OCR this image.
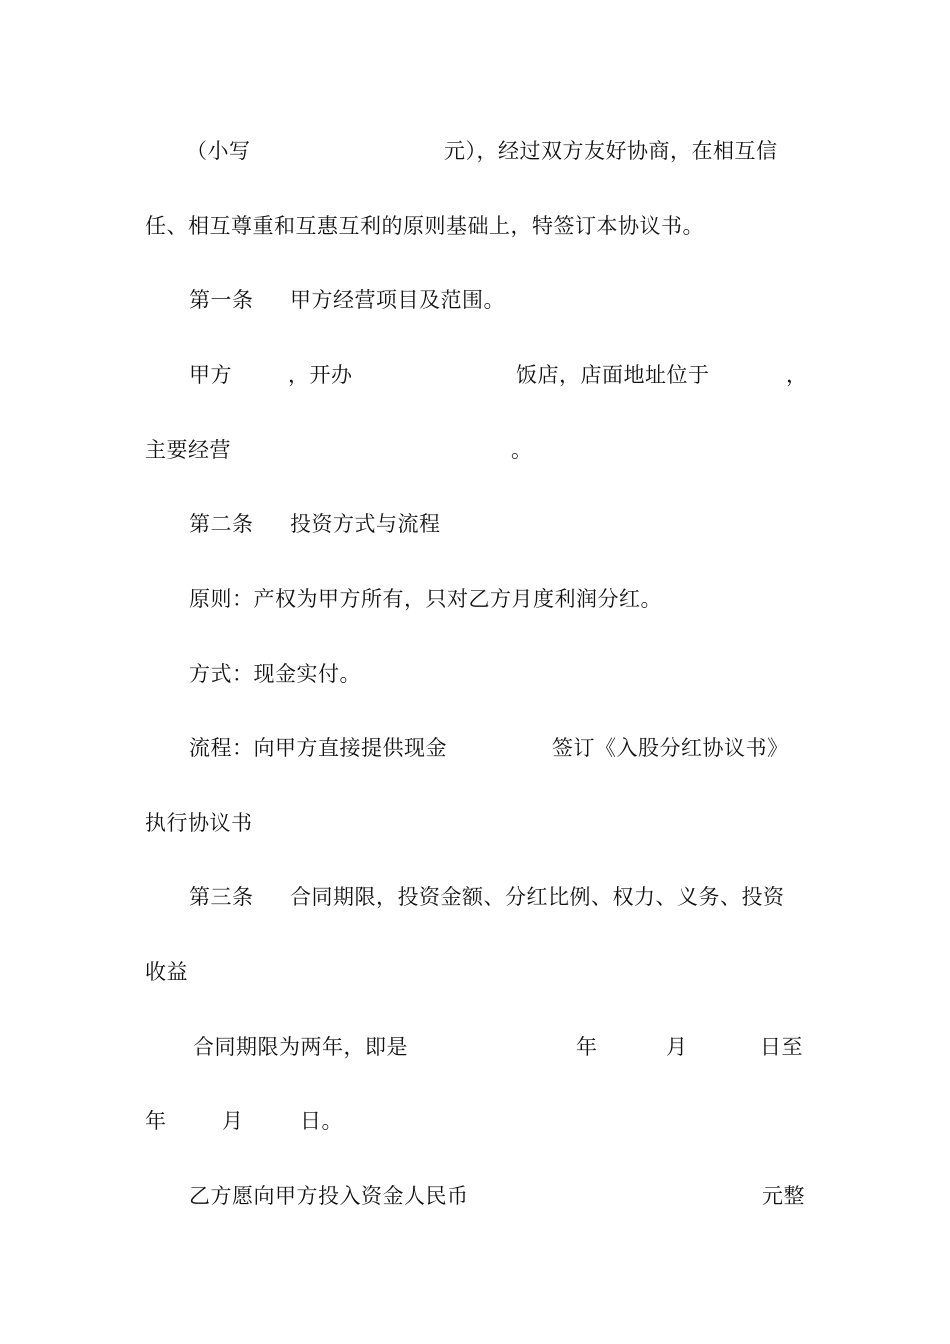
（小写	元），经过双方友好协商，在相互信
任、相互尊重和互惠互利的原则基础上，特签订本协议书。
第一条 甲方经营项目及范围。
甲方	，开办	饭店，店面地址位于	，
主要经营	。
第二条 投资方式与流程
原则：产权为甲方所有，只对乙方月度利润分红。
方式：现金实付。
流程：向甲方直接提供现金	签订《入股分红协议书》
执行协议书
第三条 合同期限，投资金额、分红比例、权力、义务、投资
收益
合同期限为两年，即是	年	月	日至
年	月	日。
乙方愿向甲方投入资金人民币	元整
